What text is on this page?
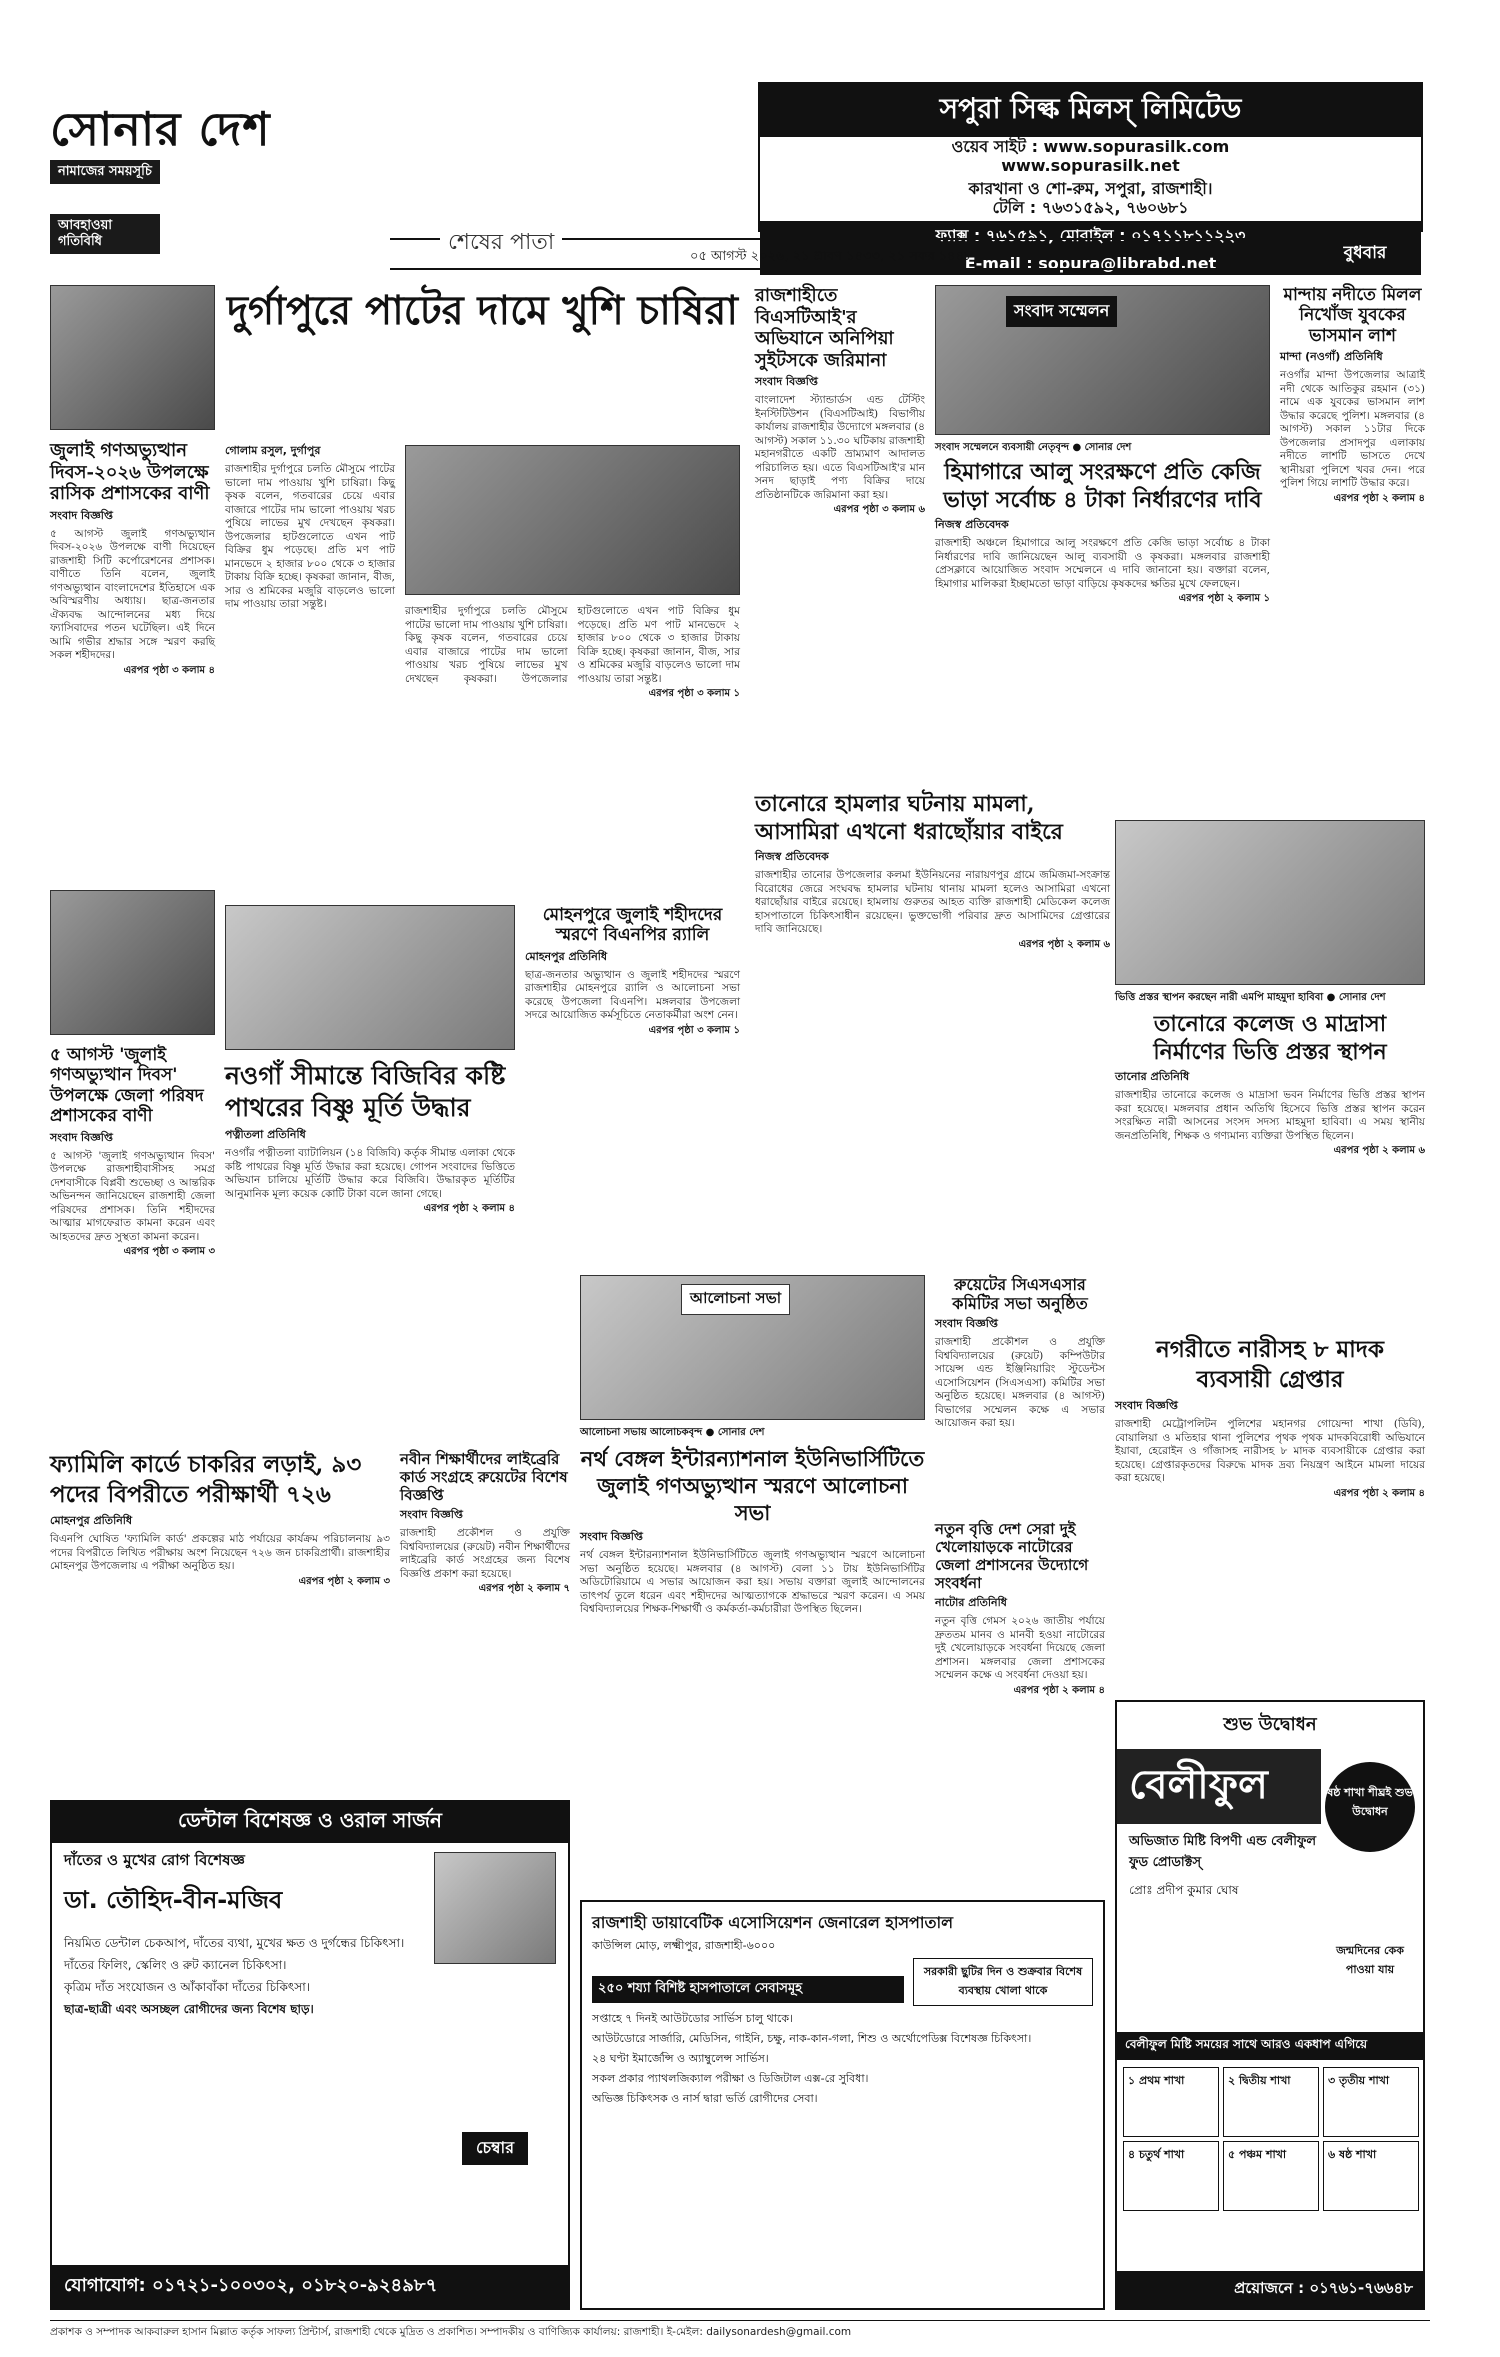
সোনার দেশ
নামাজের সময়সূচি
আবহাওয়া গতিবিধি
সপুরা সিল্ক মিলস্ লিমিটেড
ওয়েব সাইট : www.sopurasilk.com
www.sopurasilk.net
কারখানা ও শো-রুম, সপুরা, রাজশাহী।
টেলি : ৭৬৩১৫৯২, ৭৬০৬৮১
ফ্যাক্স : ৭৬১৫৯১, মোবাইল : ০১৭১১৮১১২২৩
E-mail : sopura@librabd.net
০৫ আগস্ট ২০২৬, ২১ শ্রাবণ ১৪৩৩, ২১ সফর ১৪৪৮
শেষের পাতা	বুধবার
জুলাই গণঅভ্যুত্থান দিবস-২০২৬ উপলক্ষে রাসিক প্রশাসকের বাণী
সংবাদ বিজ্ঞপ্তি
৫ আগস্ট জুলাই গণঅভ্যুত্থান দিবস-২০২৬ উপলক্ষে বাণী দিয়েছেন রাজশাহী সিটি কর্পোরেশনের প্রশাসক। বাণীতে তিনি বলেন, জুলাই গণঅভ্যুত্থান বাংলাদেশের ইতিহাসে এক অবিস্মরণীয় অধ্যায়। ছাত্র-জনতার ঐক্যবদ্ধ আন্দোলনের মধ্য দিয়ে ফ্যাসিবাদের পতন ঘটেছিল। এই দিনে আমি গভীর শ্রদ্ধার সঙ্গে স্মরণ করছি সকল শহীদদের।
এরপর পৃষ্ঠা ৩ কলাম ৪
৫ আগস্ট 'জুলাই গণঅভ্যুত্থান দিবস' উপলক্ষে জেলা পরিষদ প্রশাসকের বাণী
সংবাদ বিজ্ঞপ্তি
৫ আগস্ট 'জুলাই গণঅভ্যুত্থান দিবস' উপলক্ষে রাজশাহীবাসীসহ সমগ্র দেশবাসীকে বিপ্লবী শুভেচ্ছা ও আন্তরিক অভিনন্দন জানিয়েছেন রাজশাহী জেলা পরিষদের প্রশাসক। তিনি শহীদদের আত্মার মাগফেরাত কামনা করেন এবং আহতদের দ্রুত সুস্থতা কামনা করেন।
এরপর পৃষ্ঠা ৩ কলাম ৩
দুর্গাপুরে পাটের দামে খুশি চাষিরা
গোলাম রসুল, দুর্গাপুর
রাজশাহীর দুর্গাপুরে চলতি মৌসুমে পাটের ভালো দাম পাওয়ায় খুশি চাষিরা। কিছু কৃষক বলেন, গতবারের চেয়ে এবার বাজারে পাটের দাম ভালো পাওয়ায় খরচ পুষিয়ে লাভের মুখ দেখছেন কৃষকরা। উপজেলার হাটগুলোতে এখন পাট বিক্রির ধুম পড়েছে। প্রতি মণ পাট মানভেদে ২ হাজার ৮০০ থেকে ৩ হাজার টাকায় বিক্রি হচ্ছে। কৃষকরা জানান, বীজ, সার ও শ্রমিকের মজুরি বাড়লেও ভালো দাম পাওয়ায় তারা সন্তুষ্ট।
রাজশাহীর দুর্গাপুরে চলতি মৌসুমে পাটের ভালো দাম পাওয়ায় খুশি চাষিরা। কিছু কৃষক বলেন, গতবারের চেয়ে এবার বাজারে পাটের দাম ভালো পাওয়ায় খরচ পুষিয়ে লাভের মুখ দেখছেন কৃষকরা। উপজেলার হাটগুলোতে এখন পাট বিক্রির ধুম পড়েছে। প্রতি মণ পাট মানভেদে ২ হাজার ৮০০ থেকে ৩ হাজার টাকায় বিক্রি হচ্ছে। কৃষকরা জানান, বীজ, সার ও শ্রমিকের মজুরি বাড়লেও ভালো দাম পাওয়ায় তারা সন্তুষ্ট।
এরপর পৃষ্ঠা ৩ কলাম ১
নওগাঁ সীমান্তে বিজিবির কষ্টি পাথরের বিষ্ণু মূর্তি উদ্ধার
পত্নীতলা প্রতিনিধি
নওগাঁর পত্নীতলা ব্যাটালিয়ন (১৪ বিজিবি) কর্তৃক সীমান্ত এলাকা থেকে কষ্টি পাথরের বিষ্ণু মূর্তি উদ্ধার করা হয়েছে। গোপন সংবাদের ভিত্তিতে অভিযান চালিয়ে মূর্তিটি উদ্ধার করে বিজিবি। উদ্ধারকৃত মূর্তিটির আনুমানিক মূল্য কয়েক কোটি টাকা বলে জানা গেছে।
এরপর পৃষ্ঠা ২ কলাম ৪
মোহনপুরে জুলাই শহীদদের স্মরণে বিএনপির র‍্যালি
মোহনপুর প্রতিনিধি
ছাত্র-জনতার অভ্যুত্থান ও জুলাই শহীদদের স্মরণে রাজশাহীর মোহনপুরে র‍্যালি ও আলোচনা সভা করেছে উপজেলা বিএনপি। মঙ্গলবার উপজেলা সদরে আয়োজিত কর্মসূচিতে নেতাকর্মীরা অংশ নেন।
এরপর পৃষ্ঠা ৩ কলাম ১
ফ্যামিলি কার্ডে চাকরির লড়াই, ৯৩ পদের বিপরীতে পরীক্ষার্থী ৭২৬
মোহনপুর প্রতিনিধি
বিএনপি ঘোষিত 'ফ্যামিলি কার্ড' প্রকল্পের মাঠ পর্যায়ের কার্যক্রম পরিচালনায় ৯৩ পদের বিপরীতে লিখিত পরীক্ষায় অংশ নিয়েছেন ৭২৬ জন চাকরিপ্রার্থী। রাজশাহীর মোহনপুর উপজেলায় এ পরীক্ষা অনুষ্ঠিত হয়।
এরপর পৃষ্ঠা ২ কলাম ৩
নবীন শিক্ষার্থীদের লাইব্রেরি কার্ড সংগ্রহে রুয়েটের বিশেষ বিজ্ঞপ্তি
সংবাদ বিজ্ঞপ্তি
রাজশাহী প্রকৌশল ও প্রযুক্তি বিশ্ববিদ্যালয়ের (রুয়েট) নবীন শিক্ষার্থীদের লাইব্রেরি কার্ড সংগ্রহের জন্য বিশেষ বিজ্ঞপ্তি প্রকাশ করা হয়েছে।
এরপর পৃষ্ঠা ২ কলাম ৭
রাজশাহীতে বিএসটিআই'র অভিযানে অনিপিয়া সুইটসকে জরিমানা
সংবাদ বিজ্ঞপ্তি
বাংলাদেশ স্ট্যান্ডার্ডস এন্ড টেস্টিং ইনস্টিটিউশন (বিএসটিআই) বিভাগীয় কার্যালয় রাজশাহীর উদ্যোগে মঙ্গলবার (৪ আগস্ট) সকাল ১১.৩০ ঘটিকায় রাজশাহী মহানগরীতে একটি ভ্রাম্যমাণ আদালত পরিচালিত হয়। এতে বিএসটিআই'র মান সনদ ছাড়াই পণ্য বিক্রির দায়ে প্রতিষ্ঠানটিকে জরিমানা করা হয়।
এরপর পৃষ্ঠা ৩ কলাম ৬
সংবাদ সম্মেলন
সংবাদ সম্মেলনে ব্যবসায়ী নেতৃবৃন্দ ● সোনার দেশ
হিমাগারে আলু সংরক্ষণে প্রতি কেজি ভাড়া সর্বোচ্চ ৪ টাকা নির্ধারণের দাবি
নিজস্ব প্রতিবেদক
রাজশাহী অঞ্চলে হিমাগারে আলু সংরক্ষণে প্রতি কেজি ভাড়া সর্বোচ্চ ৪ টাকা নির্ধারণের দাবি জানিয়েছেন আলু ব্যবসায়ী ও কৃষকরা। মঙ্গলবার রাজশাহী প্রেসক্লাবে আয়োজিত সংবাদ সম্মেলনে এ দাবি জানানো হয়। বক্তারা বলেন, হিমাগার মালিকরা ইচ্ছামতো ভাড়া বাড়িয়ে কৃষকদের ক্ষতির মুখে ফেলছেন।
এরপর পৃষ্ঠা ২ কলাম ১
মান্দায় নদীতে মিলল নিখোঁজ যুবকের ভাসমান লাশ
মান্দা (নওগাঁ) প্রতিনিধি
নওগাঁর মান্দা উপজেলার আত্রাই নদী থেকে আতিকুর রহমান (৩১) নামে এক যুবকের ভাসমান লাশ উদ্ধার করেছে পুলিশ। মঙ্গলবার (৪ আগস্ট) সকাল ১১টার দিকে উপজেলার প্রসাদপুর এলাকায় নদীতে লাশটি ভাসতে দেখে স্থানীয়রা পুলিশে খবর দেন। পরে পুলিশ গিয়ে লাশটি উদ্ধার করে।
এরপর পৃষ্ঠা ২ কলাম ৪
তানোরে হামলার ঘটনায় মামলা, আসামিরা এখনো ধরাছোঁয়ার বাইরে
নিজস্ব প্রতিবেদক
রাজশাহীর তানোর উপজেলার কলমা ইউনিয়নের নারায়ণপুর গ্রামে জমিজমা-সংক্রান্ত বিরোধের জেরে সংঘবদ্ধ হামলার ঘটনায় থানায় মামলা হলেও আসামিরা এখনো ধরাছোঁয়ার বাইরে রয়েছে। হামলায় গুরুতর আহত ব্যক্তি রাজশাহী মেডিকেল কলেজ হাসপাতালে চিকিৎসাধীন রয়েছেন। ভুক্তভোগী পরিবার দ্রুত আসামিদের গ্রেপ্তারের দাবি জানিয়েছে।
এরপর পৃষ্ঠা ২ কলাম ৬
ভিত্তি প্রস্তর স্থাপন করছেন নারী এমপি মাহমুদা হাবিবা ● সোনার দেশ
তানোরে কলেজ ও মাদ্রাসা নির্মাণের ভিত্তি প্রস্তর স্থাপন
তানোর প্রতিনিধি
রাজশাহীর তানোরে কলেজ ও মাদ্রাসা ভবন নির্মাণের ভিত্তি প্রস্তর স্থাপন করা হয়েছে। মঙ্গলবার প্রধান অতিথি হিসেবে ভিত্তি প্রস্তর স্থাপন করেন সংরক্ষিত নারী আসনের সংসদ সদস্য মাহমুদা হাবিবা। এ সময় স্থানীয় জনপ্রতিনিধি, শিক্ষক ও গণ্যমান্য ব্যক্তিরা উপস্থিত ছিলেন।
এরপর পৃষ্ঠা ২ কলাম ৬
আলোচনা সভা
আলোচনা সভায় আলোচকবৃন্দ ● সোনার দেশ
নর্থ বেঙ্গল ইন্টারন্যাশনাল ইউনিভার্সিটিতে জুলাই গণঅভ্যুত্থান স্মরণে আলোচনা সভা
সংবাদ বিজ্ঞপ্তি
নর্থ বেঙ্গল ইন্টারন্যাশনাল ইউনিভার্সিটিতে জুলাই গণঅভ্যুত্থান স্মরণে আলোচনা সভা অনুষ্ঠিত হয়েছে। মঙ্গলবার (৪ আগস্ট) বেলা ১১ টায় ইউনিভার্সিটির অডিটোরিয়ামে এ সভার আয়োজন করা হয়। সভায় বক্তারা জুলাই আন্দোলনের তাৎপর্য তুলে ধরেন এবং শহীদদের আত্মত্যাগকে শ্রদ্ধাভরে স্মরণ করেন। এ সময় বিশ্ববিদ্যালয়ের শিক্ষক-শিক্ষার্থী ও কর্মকর্তা-কর্মচারীরা উপস্থিত ছিলেন।
রুয়েটের সিএসএসার কমিটির সভা অনুষ্ঠিত
সংবাদ বিজ্ঞপ্তি
রাজশাহী প্রকৌশল ও প্রযুক্তি বিশ্ববিদ্যালয়ের (রুয়েট) কম্পিউটার সায়েন্স এন্ড ইঞ্জিনিয়ারিং স্টুডেন্টস এসোসিয়েশন (সিএসএসা) কমিটির সভা অনুষ্ঠিত হয়েছে। মঙ্গলবার (৪ আগস্ট) বিভাগের সম্মেলন কক্ষে এ সভার আয়োজন করা হয়।
নতুন বৃত্তি দেশ সেরা দুই খেলোয়াড়কে নাটোরের জেলা প্রশাসনের উদ্যোগে সংবর্ধনা
নাটোর প্রতিনিধি
নতুন বৃত্তি গেমস ২০২৬ জাতীয় পর্যায়ে দ্রুততম মানব ও মানবী হওয়া নাটোরের দুই খেলোয়াড়কে সংবর্ধনা দিয়েছে জেলা প্রশাসন। মঙ্গলবার জেলা প্রশাসকের সম্মেলন কক্ষে এ সংবর্ধনা দেওয়া হয়।
এরপর পৃষ্ঠা ২ কলাম ৪
নগরীতে নারীসহ ৮ মাদক ব্যবসায়ী গ্রেপ্তার
সংবাদ বিজ্ঞপ্তি
রাজশাহী মেট্রোপলিটন পুলিশের মহানগর গোয়েন্দা শাখা (ডিবি), বোয়ালিয়া ও মতিহার থানা পুলিশের পৃথক পৃথক মাদকবিরোধী অভিযানে ইয়াবা, হেরোইন ও গাঁজাসহ নারীসহ ৮ মাদক ব্যবসায়ীকে গ্রেপ্তার করা হয়েছে। গ্রেপ্তারকৃতদের বিরুদ্ধে মাদক দ্রব্য নিয়ন্ত্রণ আইনে মামলা দায়ের করা হয়েছে।
এরপর পৃষ্ঠা ২ কলাম ৪
ডেন্টাল বিশেষজ্ঞ ও ওরাল সার্জন
দাঁতের ও মুখের রোগ বিশেষজ্ঞ
ডা. তৌহিদ-বীন-মজিব
নিয়মিত ডেন্টাল চেকআপ, দাঁতের ব্যথা, মুখের ক্ষত ও দুর্গন্ধের চিকিৎসা।
দাঁতের ফিলিং, স্কেলিং ও রুট ক্যানেল চিকিৎসা।
কৃত্রিম দাঁত সংযোজন ও আঁকাবাঁকা দাঁতের চিকিৎসা।
ছাত্র-ছাত্রী এবং অসচ্ছল রোগীদের জন্য বিশেষ ছাড়।
চেম্বার
যোগাযোগ: ০১৭২১-১০০৩০২, ০১৮২০-৯২৪৯৮৭
রাজশাহী ডায়াবেটিক এসোসিয়েশন জেনারেল হাসপাতাল
কাউন্সিল মোড়, লক্ষ্মীপুর, রাজশাহী-৬০০০
সরকারী ছুটির দিন ও শুক্রবার বিশেষ ব্যবস্থায় খোলা থাকে
২৫০ শয্যা বিশিষ্ট হাসপাতালে সেবাসমূহ
সপ্তাহে ৭ দিনই আউটডোর সার্ভিস চালু থাকে।
আউটডোরে সার্জারি, মেডিসিন, গাইনি, চক্ষু, নাক-কান-গলা, শিশু ও অর্থোপেডিক্স বিশেষজ্ঞ চিকিৎসা।
২৪ ঘণ্টা ইমার্জেন্সি ও অ্যাম্বুলেন্স সার্ভিস।
সকল প্রকার প্যাথলজিক্যাল পরীক্ষা ও ডিজিটাল এক্স-রে সুবিধা।
অভিজ্ঞ চিকিৎসক ও নার্স দ্বারা ভর্তি রোগীদের সেবা।
শুভ উদ্বোধন
বেলীফুল	ষষ্ঠ শাখা শীঘ্রই শুভ উদ্বোধন
অভিজাত মিষ্টি বিপণী এন্ড বেলীফুল ফুড প্রোডাক্টস্
প্রোঃ প্রদীপ কুমার ঘোষ
জন্মদিনের কেক পাওয়া যায়
বেলীফুল মিষ্টি সময়ের সাথে আরও একধাপ এগিয়ে
১ প্রথম শাখা	২ দ্বিতীয় শাখা	৩ তৃতীয় শাখা
৪ চতুর্থ শাখা	৫ পঞ্চম শাখা	৬ ষষ্ঠ শাখা
প্রয়োজনে : ০১৭৬১-৭৬৬৪৮
প্রকাশক ও সম্পাদক আকবারুল হাসান মিল্লাত কর্তৃক সাফল্য প্রিন্টার্স, রাজশাহী থেকে মুদ্রিত ও প্রকাশিত। সম্পাদকীয় ও বাণিজ্যিক কার্যালয়: রাজশাহী। ই-মেইল: dailysonardesh@gmail.com
